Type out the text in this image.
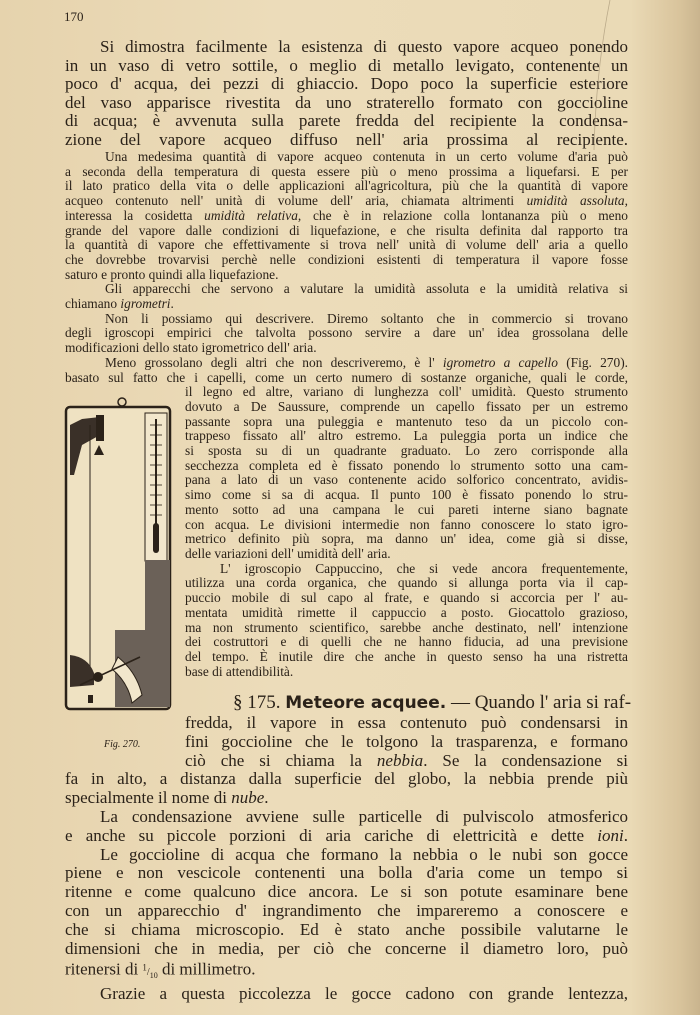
170
Si dimostra facilmente la esistenza di questo vapore acqueo ponendo
in un vaso di vetro sottile, o meglio di metallo levigato, contenente un
poco d' acqua, dei pezzi di ghiaccio. Dopo poco la superficie esteriore
del vaso apparisce rivestita da uno straterello formato con goccioline
di acqua; è avvenuta sulla parete fredda del recipiente la condensa-
zione del vapore acqueo diffuso nell' aria prossima al recipiente.
Una medesima quantità di vapore acqueo contenuta in un certo volume d'aria può
a seconda della temperatura di questa essere più o meno prossima a liquefarsi. E per
il lato pratico della vita o delle applicazioni all'agricoltura, più che la quantità di vapore
acqueo contenuto nell' unità di volume dell' aria, chiamata altrimenti umidità assoluta,
interessa la cosidetta umidità relativa, che è in relazione colla lontananza più o meno
grande del vapore dalle condizioni di liquefazione, e che risulta definita dal rapporto tra
la quantità di vapore che effettivamente si trova nell' unità di volume dell' aria a quello
che dovrebbe trovarvisi perchè nelle condizioni esistenti di temperatura il vapore fosse
saturo e pronto quindi alla liquefazione.
Gli apparecchi che servono a valutare la umidità assoluta e la umidità relativa si
chiamano igrometri.
Non li possiamo qui descrivere. Diremo soltanto che in commercio si trovano
degli igroscopi empirici che talvolta possono servire a dare un' idea grossolana delle
modificazioni dello stato igrometrico dell' aria.
Meno grossolano degli altri che non descriveremo, è l' igrometro a capello (Fig. 270).
basato sul fatto che i capelli, come un certo numero di sostanze organiche, quali le corde,
il legno ed altre, variano di lunghezza coll' umidità. Questo strumento
dovuto a De Saussure, comprende un capello fissato per un estremo
passante sopra una puleggia e mantenuto teso da un piccolo con-
trappeso fissato all' altro estremo. La puleggia porta un indice che
si sposta su di un quadrante graduato. Lo zero corrisponde alla
secchezza completa ed è fissato ponendo lo strumento sotto una cam-
pana a lato di un vaso contenente acido solforico concentrato, avidis-
simo come si sa di acqua. Il punto 100 è fissato ponendo lo stru-
mento sotto ad una campana le cui pareti interne siano bagnate
con acqua. Le divisioni intermedie non fanno conoscere lo stato igro-
metrico definito più sopra, ma danno un' idea, come già si disse,
delle variazioni dell' umidità dell' aria.
L' igroscopio Cappuccino, che si vede ancora frequentemente,
utilizza una corda organica, che quando si allunga porta via il cap-
puccio mobile di sul capo al frate, e quando si accorcia per l' au-
mentata umidità rimette il cappuccio a posto. Giocattolo grazioso,
ma non strumento scientifico, sarebbe anche destinato, nell' intenzione
dei costruttori e di quelli che ne hanno fiducia, ad una previsione
del tempo. È inutile dire che anche in questo senso ha una ristretta
base di attendibilità.
§ 175. Meteore acquee. — Quando l' aria si raf-
fredda, il vapore in essa contenuto può condensarsi in
fini goccioline che le tolgono la trasparenza, e formano
ciò che si chiama la nebbia. Se la condensazione si
fa in alto, a distanza dalla superficie del globo, la nebbia prende più
specialmente il nome di nube.
La condensazione avviene sulle particelle di pulviscolo atmosferico
e anche su piccole porzioni di aria cariche di elettricità e dette ioni.
Le goccioline di acqua che formano la nebbia o le nubi son gocce
piene e non vescicole contenenti una bolla d'aria come un tempo si
ritenne e come qualcuno dice ancora. Le si son potute esaminare bene
con un apparecchio d' ingrandimento che impareremo a conoscere e
che si chiama microscopio. Ed è stato anche possibile valutarne le
dimensioni che in media, per ciò che concerne il diametro loro, può
ritenersi di $^1/_{10}$ di millimetro.
Grazie a questa piccolezza le gocce cadono con grande lentezza,
Fig. 270.
